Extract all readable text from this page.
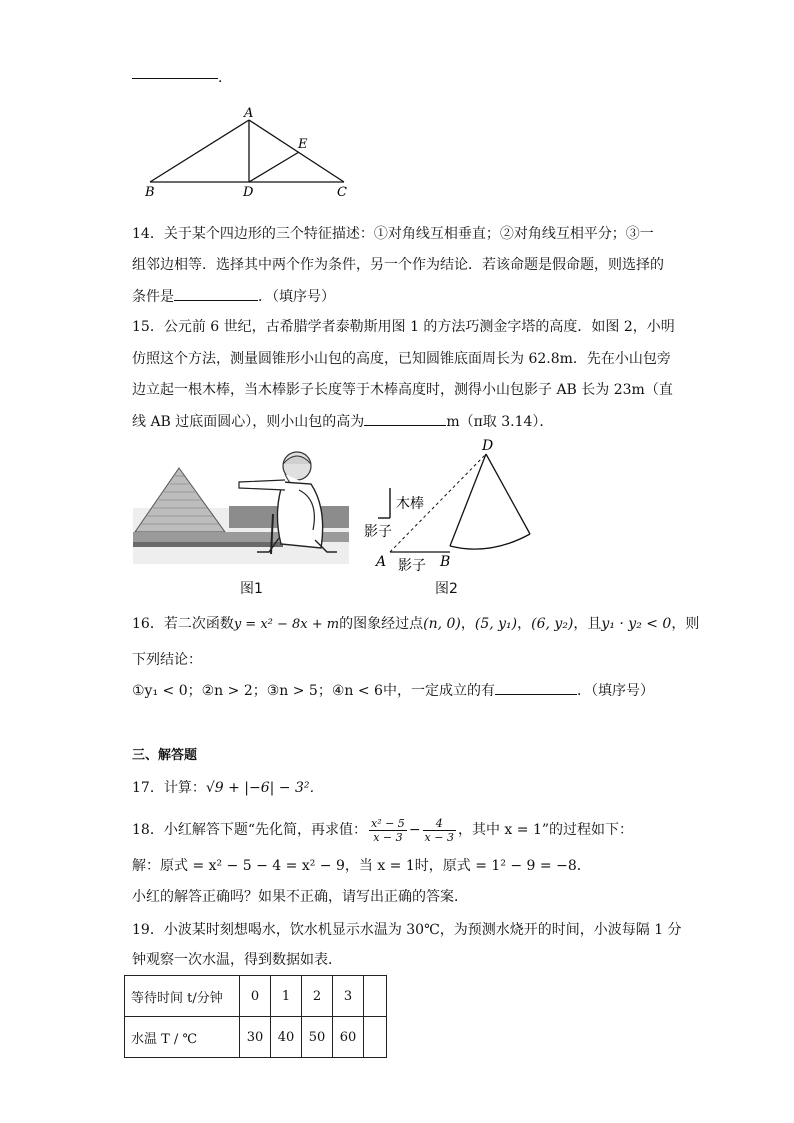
.
A
B	C
D
E
14．关于某个四边形的三个特征描述：①对角线互相垂直；②对角线互相平分；③一
组邻边相等．选择其中两个作为条件，另一个作为结论．若该命题是假命题，则选择的
条件是	．（填序号）
15．公元前 6 世纪，古希腊学者泰勒斯用图 1 的方法巧测金字塔的高度．如图 2，小明
仿照这个方法，测量圆锥形小山包的高度，已知圆锥底面周长为 62.8m．先在小山包旁
边立起一根木棒，当木棒影子长度等于木棒高度时，测得小山包影子 AB 长为 23m（直
线 AB 过底面圆心），则小山包的高为	m（π取 3.14）．
图1
木棒
影子
影子
A	B
D
图2
16．若二次函数y = x² − 8x + m的图象经过点(n, 0)，(5, y₁)，(6, y₂)，且y₁ · y₂ < 0，则
下列结论：
①y₁ < 0；②n > 2；③n > 5；④n < 6中，一定成立的有	．（填序号）
三、解答题
17．计算：√9 + |−6| − 3²．
18．小红解答下题“先化简，再求值： $\frac{\text{x² − 5}}{x - 3} - \frac{4}{x - 3}$ ，其中 x = 1”的过程如下：
解：原式 = x² − 5 − 4 = x² − 9，当 x = 1时，原式 = 1² − 9 = −8．
小红的解答正确吗？如果不正确，请写出正确的答案．
19．小波某时刻想喝水，饮水机显示水温为 30℃，为预测水烧开的时间，小波每隔 1 分
钟观察一次水温，得到数据如表．
等待时间 t/分钟	0	1	2	3	
水温 T / ℃	30	40	50	60	
